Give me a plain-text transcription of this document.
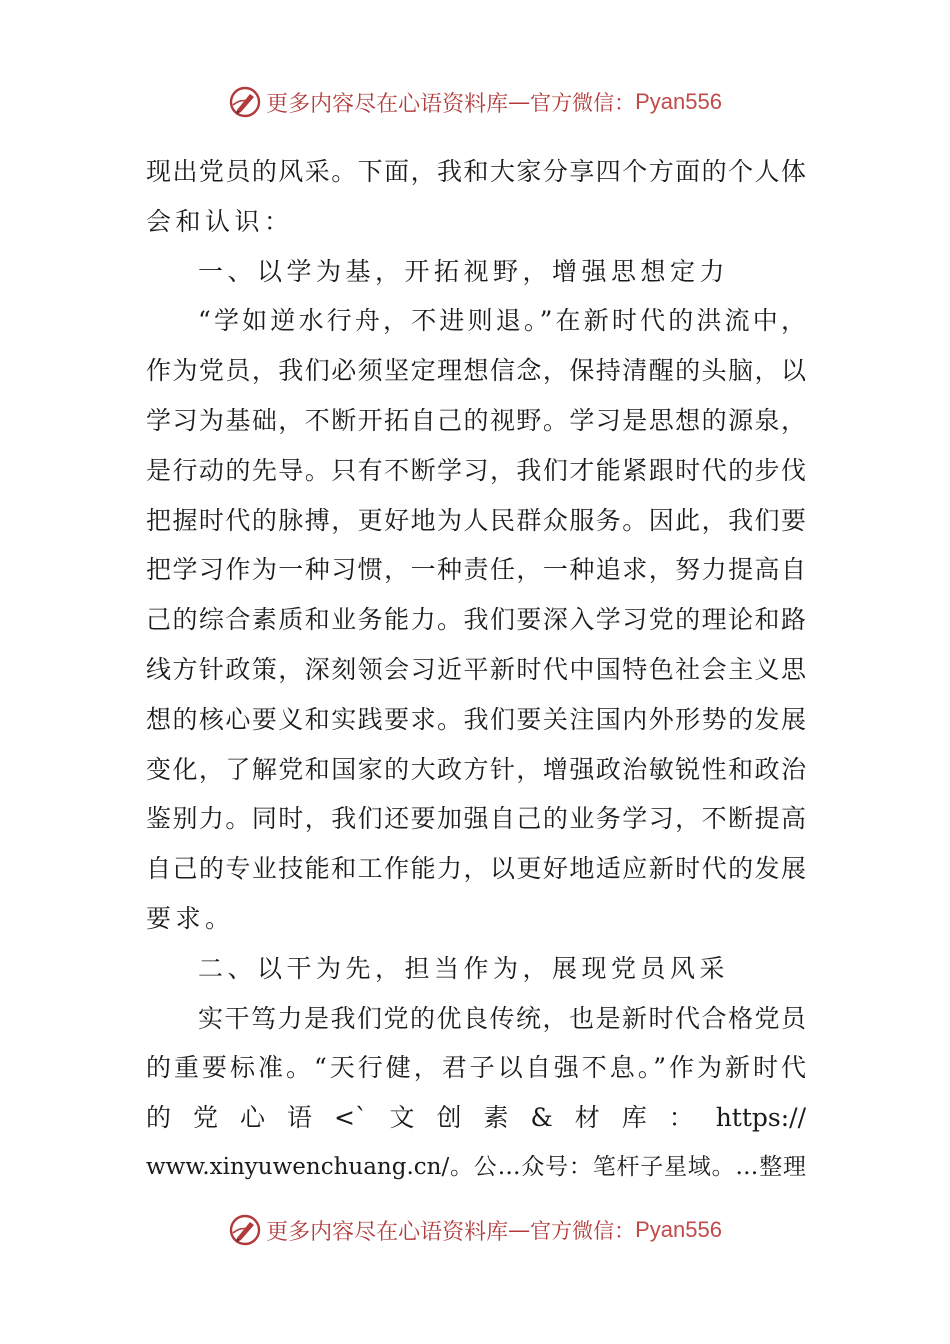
更多内容尽在心语资料库 — 官方微信： Pyan556
现出党员的风采。下面，我和大家分享四个方面的个人体
会和认识：
一、以学为基，开拓视野，增强思想定力
“学如逆水行舟，不进则退。”在新时代的洪流中，
作为党员，我们必须坚定理想信念，保持清醒的头脑，以
学习为基础，不断开拓自己的视野。学习是思想的源泉，
是行动的先导。只有不断学习，我们才能紧跟时代的步伐
把握时代的脉搏，更好地为人民群众服务。因此，我们要
把学习作为一种习惯，一种责任，一种追求，努力提高自
己的综合素质和业务能力。我们要深入学习党的理论和路
线方针政策，深刻领会习近平新时代中国特色社会主义思
想的核心要义和实践要求。我们要关注国内外形势的发展
变化，了解党和国家的大政方针，增强政治敏锐性和政治
鉴别力。同时，我们还要加强自己的业务学习，不断提高
自己的专业技能和工作能力，以更好地适应新时代的发展
要求。
二、以干为先，担当作为，展现党员风采
实干笃力是我们党的优良传统，也是新时代合格党员
的重要标准。“天行健，君子以自强不息。”作为新时代
的党心语<`文创素&材库：https://
www.xinyuwenchuang.cn/。公…众号：笔杆子星域。…整理
更多内容尽在心语资料库 — 官方微信： Pyan556
